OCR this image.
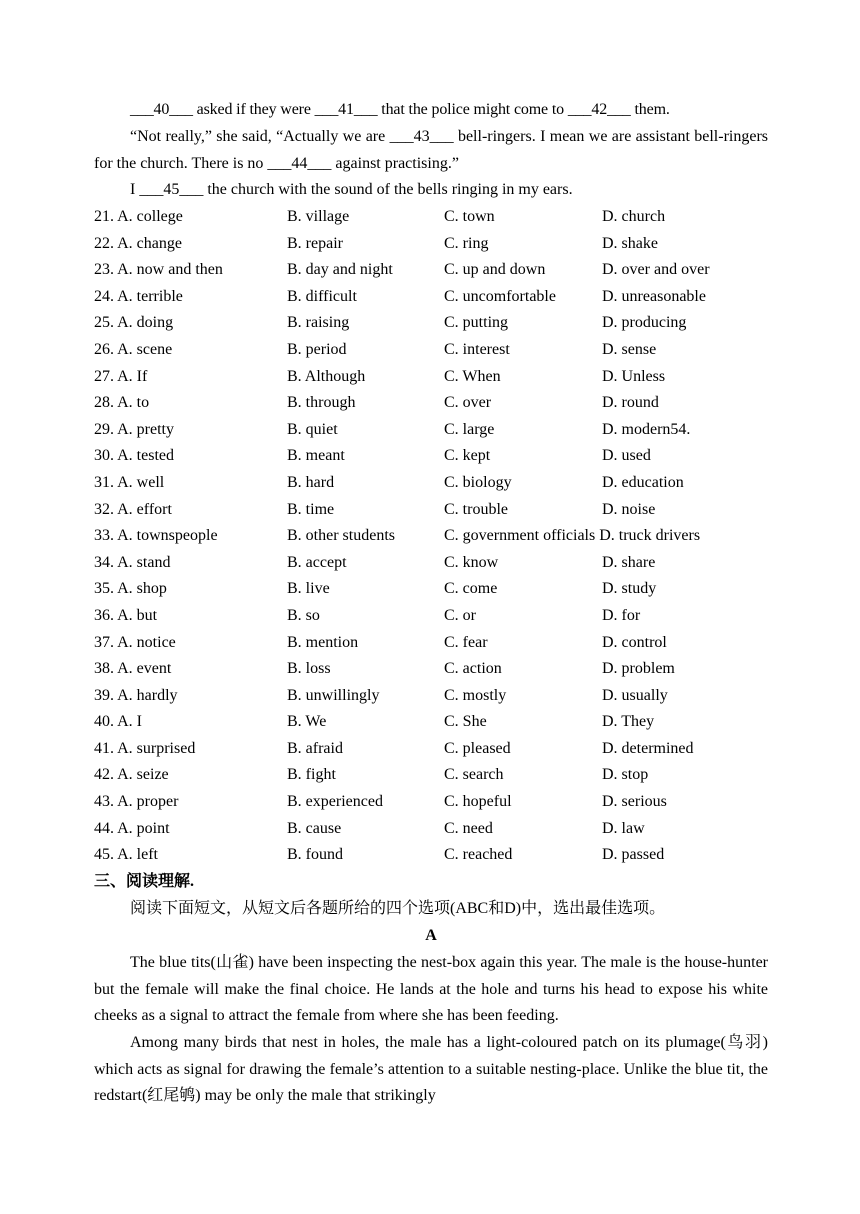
___40___ asked if they were ___41___ that the police might come to ___42___ them.

“Not really,” she said, “Actually we are ___43___ bell-ringers. I mean we are assistant bell-ringers for the church. There is no ___44___ against practising.”

I ___45___ the church with the sound of the bells ringing in my ears.

21. A. college	B. village	C. town	D. church
22. A. change	B. repair	C. ring	D. shake
23. A. now and then	B. day and night	C. up and down	D. over and over
24. A. terrible	B. difficult	C. uncomfortable	D. unreasonable
25. A. doing	B. raising	C. putting	D. producing
26. A. scene	B. period	C. interest	D. sense
27. A. If	B. Although	C. When	D. Unless
28. A. to	B. through	C. over	D. round
29. A. pretty	B. quiet	C. large	D. modern54.
30. A. tested	B. meant	C. kept	D. used
31. A. well	B. hard	C. biology	D. education
32. A. effort	B. time	C. trouble	D. noise
33. A. townspeople	B. other students	C. government officials D. truck drivers
34. A. stand	B. accept	C. know	D. share
35. A. shop	B. live	C. come	D. study
36. A. but	B. so	C. or	D. for
37. A. notice	B. mention	C. fear	D. control
38. A. event	B. loss	C. action	D. problem
39. A. hardly	B. unwillingly	C. mostly	D. usually
40. A. I	B. We	C. She	D. They
41. A. surprised	B. afraid	C. pleased	D. determined
42. A. seize	B. fight	C. search	D. stop
43. A. proper	B. experienced	C. hopeful	D. serious
44. A. point	B. cause	C. need	D. law
45. A. left	B. found	C. reached	D. passed

三、阅读理解.

阅读下面短文，从短文后各题所给的四个选项(ABC和D)中，选出最佳选项。

A

The blue tits(山雀) have been inspecting the nest-box again this year. The male is the house-hunter but the female will make the final choice. He lands at the hole and turns his head to expose his white cheeks as a signal to attract the female from where she has been feeding.

Among many birds that nest in holes, the male has a light-coloured patch on its plumage(鸟羽) which acts as signal for drawing the female’s attention to a suitable nesting-place. Unlike the blue tit, the redstart(红尾鸲) may be only the male that strikingly
